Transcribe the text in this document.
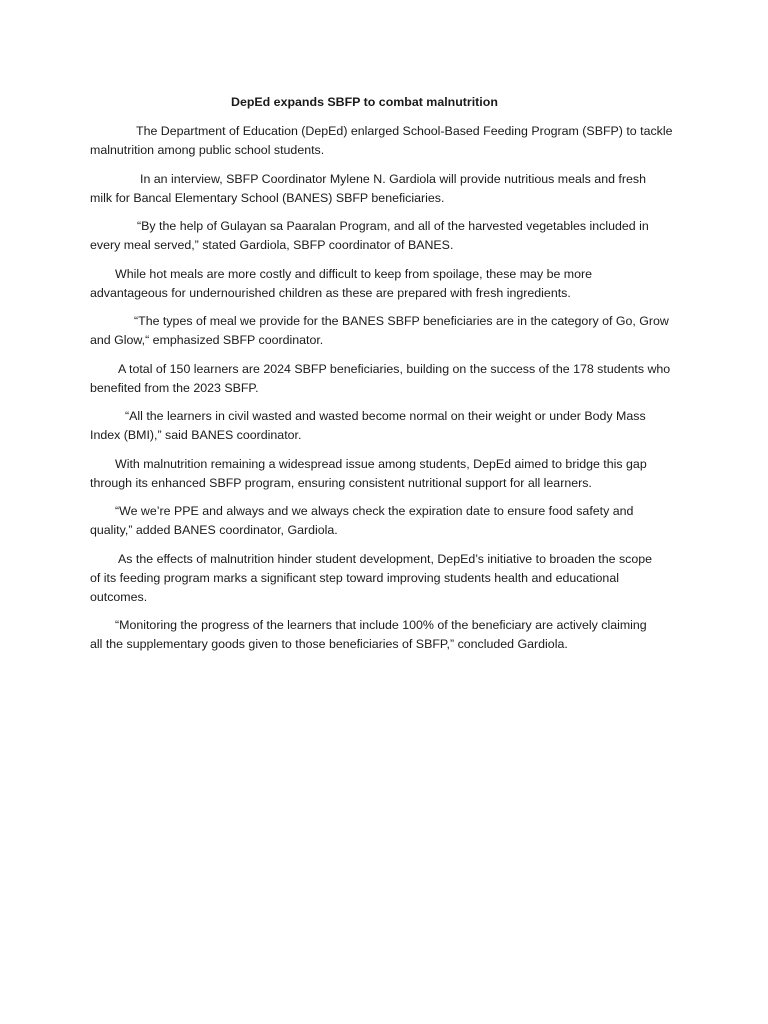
DepEd expands SBFP to combat malnutrition

The Department of Education (DepEd) enlarged School-Based Feeding Program (SBFP) to tackle
malnutrition among public school students.

In an interview, SBFP Coordinator Mylene N. Gardiola will provide nutritious meals and fresh
milk for Bancal Elementary School (BANES) SBFP beneficiaries.

“By the help of Gulayan sa Paaralan Program, and all of the harvested vegetables included in
every meal served,” stated Gardiola, SBFP coordinator of BANES.

While hot meals are more costly and difficult to keep from spoilage, these may be more
advantageous for undernourished children as these are prepared with fresh ingredients.

“The types of meal we provide for the BANES SBFP beneficiaries are in the category of Go, Grow
and Glow,“ emphasized SBFP coordinator.

A total of 150 learners are 2024 SBFP beneficiaries, building on the success of the 178 students who
benefited from the 2023 SBFP.

“All the learners in civil wasted and wasted become normal on their weight or under Body Mass
Index (BMI),” said BANES coordinator.

With malnutrition remaining a widespread issue among students, DepEd aimed to bridge this gap
through its enhanced SBFP program, ensuring consistent nutritional support for all learners.

“We we’re PPE and always and we always check the expiration date to ensure food safety and
quality,” added BANES coordinator, Gardiola.

As the effects of malnutrition hinder student development, DepEd’s initiative to broaden the scope
of its feeding program marks a significant step toward improving students health and educational
outcomes.

“Monitoring the progress of the learners that include 100% of the beneficiary are actively claiming
all the supplementary goods given to those beneficiaries of SBFP,” concluded Gardiola.
